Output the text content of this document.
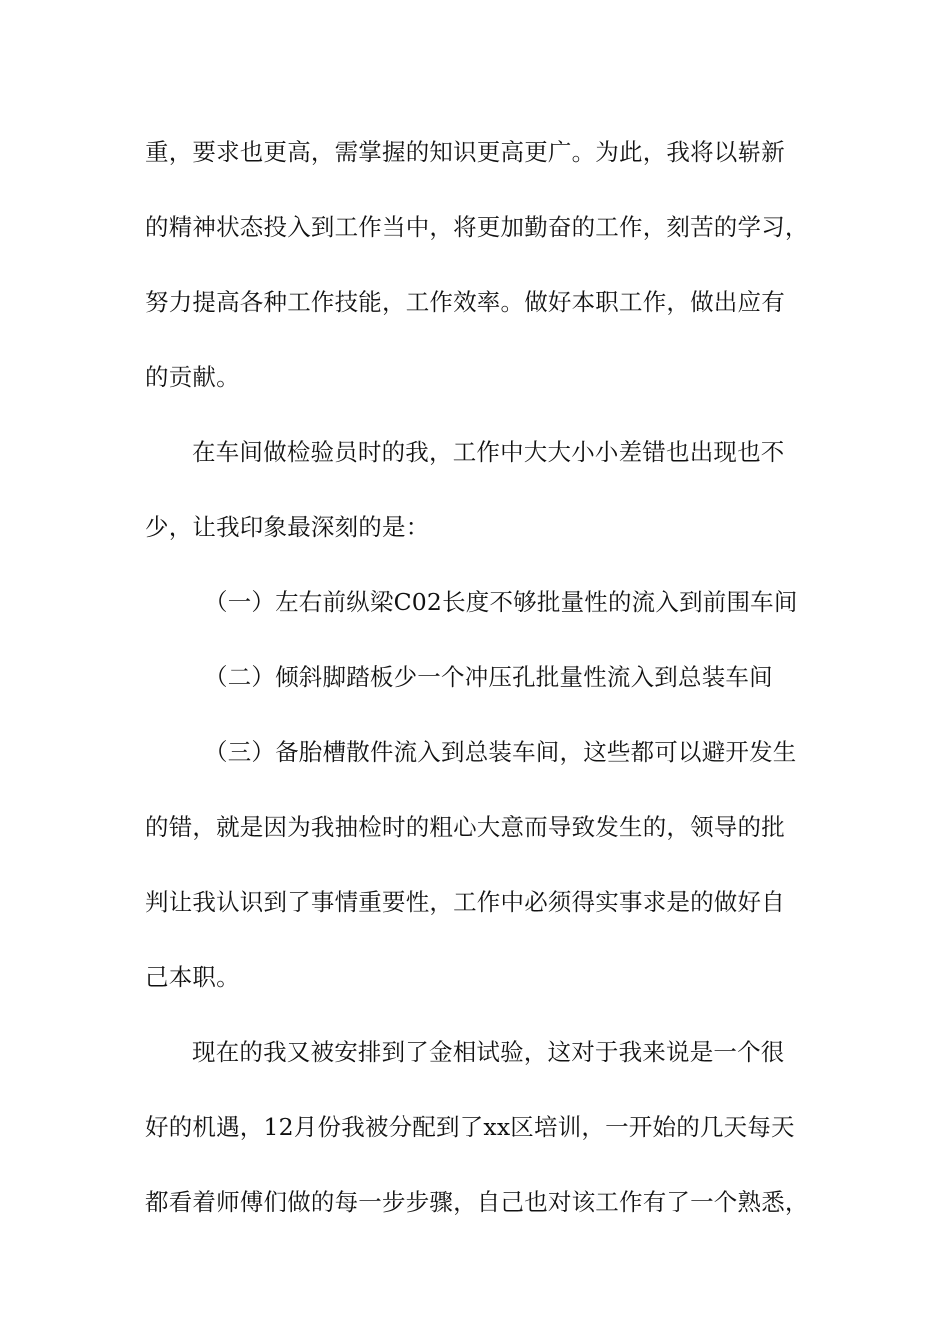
重，要求也更高，需掌握的知识更高更广。为此，我将以崭新
的精神状态投入到工作当中，将更加勤奋的工作，刻苦的学习，
努力提高各种工作技能，工作效率。做好本职工作，做出应有
的贡献。
在车间做检验员时的我，工作中大大小小差错也出现也不
少，让我印象最深刻的是：
（一）左右前纵梁C02长度不够批量性的流入到前围车间
（二）倾斜脚踏板少一个冲压孔批量性流入到总装车间
（三）备胎槽散件流入到总装车间，这些都可以避开发生
的错，就是因为我抽检时的粗心大意而导致发生的，领导的批
判让我认识到了事情重要性，工作中必须得实事求是的做好自
己本职。
现在的我又被安排到了金相试验，这对于我来说是一个很
好的机遇，12月份我被分配到了xx区培训，一开始的几天每天
都看着师傅们做的每一步步骤，自己也对该工作有了一个熟悉，
